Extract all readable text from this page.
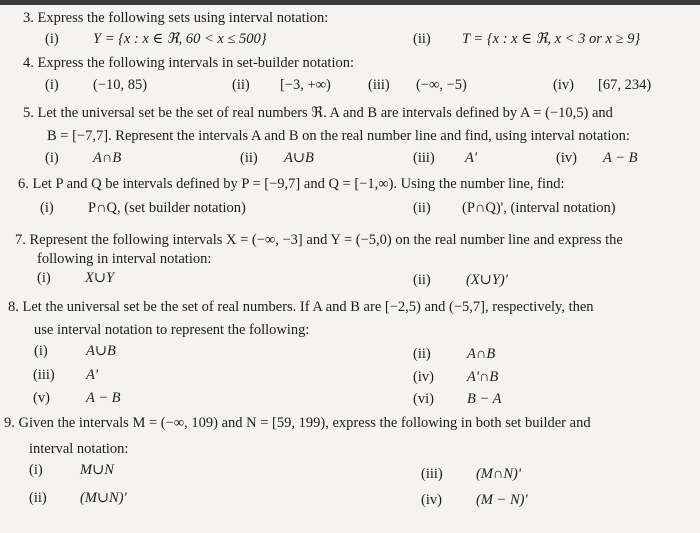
3. Express the following sets using interval notation:
(i) Y = {x : x ∈ ℜ, 60 < x ≤ 500}	(ii) T = {x : x ∈ ℜ, x < 3 or x ≥ 9}
4. Express the following intervals in set-builder notation:
(i) (−10, 85)	(ii) [−3, +∞)	(iii) (−∞, −5)	(iv) [67, 234)
5. Let the universal set be the set of real numbers ℜ. A and B are intervals defined by A = (−10,5) and
B = [−7,7]. Represent the intervals A and B on the real number line and find, using interval notation:
(i) A∩B	(ii) A∪B	(iii) A'	(iv) A − B
6. Let P and Q be intervals defined by P = [−9,7] and Q = [−1,∞). Using the number line, find:
(i) P∩Q, (set builder notation)	(ii) (P∩Q)', (interval notation)
7. Represent the following intervals X = (−∞, −3] and Y = (−5,0) on the real number line and express the
following in interval notation:
(i) X∪Y	(ii) (X∪Y)'
8. Let the universal set be the set of real numbers. If A and B are [−2,5) and (−5,7], respectively, then
use interval notation to represent the following:
(i)	A∪B	(ii)	A∩B
(iii) A'	(iv) A'∩B
(v) A − B	(vi) B − A
9. Given the intervals M = (−∞, 109) and N = [59, 199), express the following in both set builder and
interval notation:
(i)	M∪N	(iii) (M∩N)'
(ii) (M∪N)'	(iv) (M − N)'
